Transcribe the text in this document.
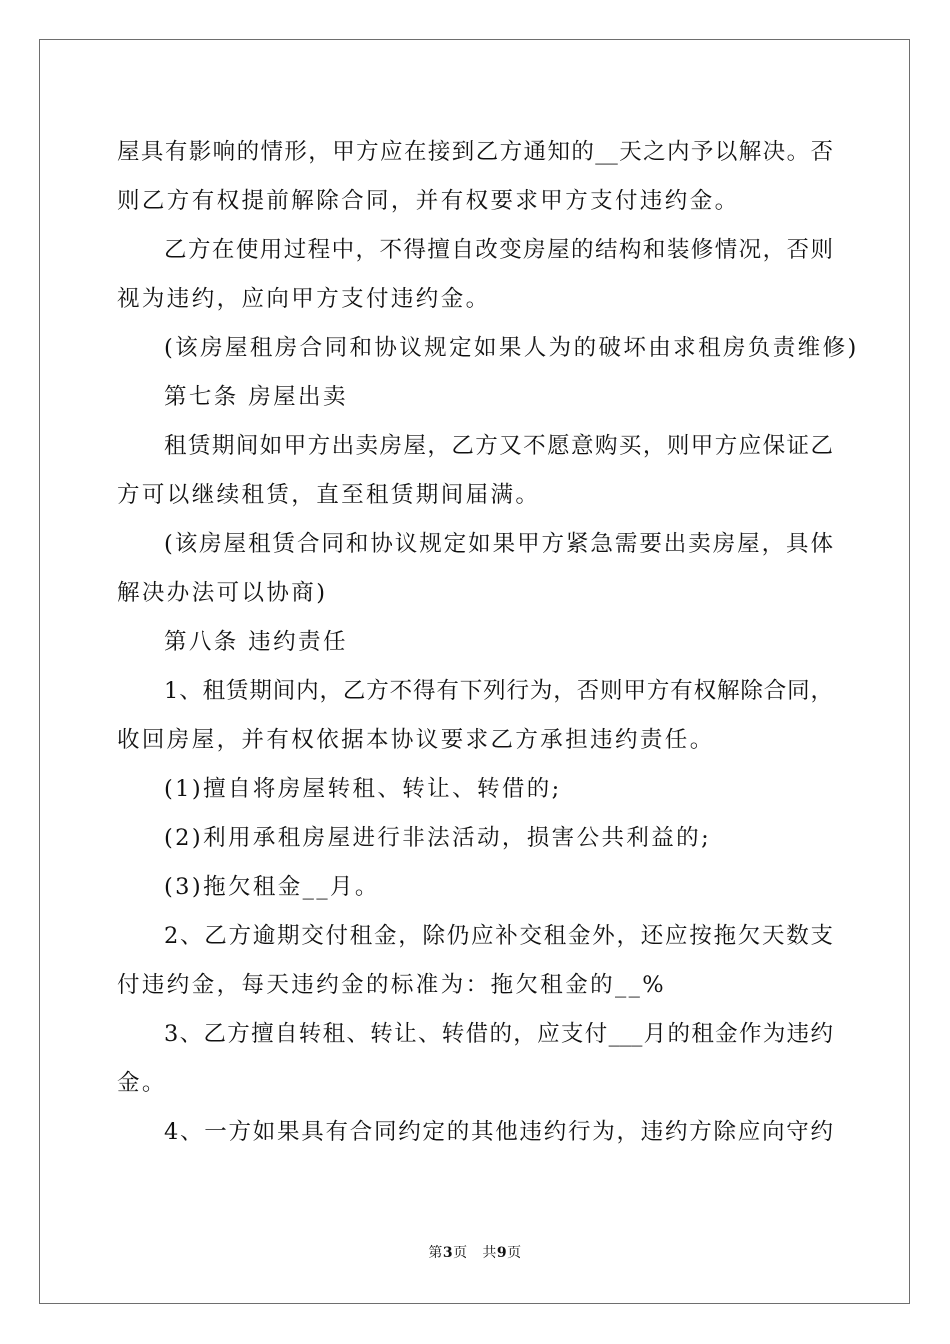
屋具有影响的情形，甲方应在接到乙方通知的__天之内予以解决。否
则乙方有权提前解除合同，并有权要求甲方支付违约金。
乙方在使用过程中，不得擅自改变房屋的结构和装修情况，否则
视为违约，应向甲方支付违约金。
(该房屋租房合同和协议规定如果人为的破坏由求租房负责维修)
第七条 房屋出卖
租赁期间如甲方出卖房屋，乙方又不愿意购买，则甲方应保证乙
方可以继续租赁，直至租赁期间届满。
(该房屋租赁合同和协议规定如果甲方紧急需要出卖房屋，具体
解决办法可以协商)
第八条 违约责任
1、租赁期间内，乙方不得有下列行为，否则甲方有权解除合同，
收回房屋，并有权依据本协议要求乙方承担违约责任。
(1)擅自将房屋转租、转让、转借的;
(2)利用承租房屋进行非法活动，损害公共利益的;
(3)拖欠租金__月。
2、乙方逾期交付租金，除仍应补交租金外，还应按拖欠天数支
付违约金，每天违约金的标准为：拖欠租金的__%
3、乙方擅自转租、转让、转借的，应支付___月的租金作为违约
金。
4、一方如果具有合同约定的其他违约行为，违约方除应向守约
第3页 共9页
